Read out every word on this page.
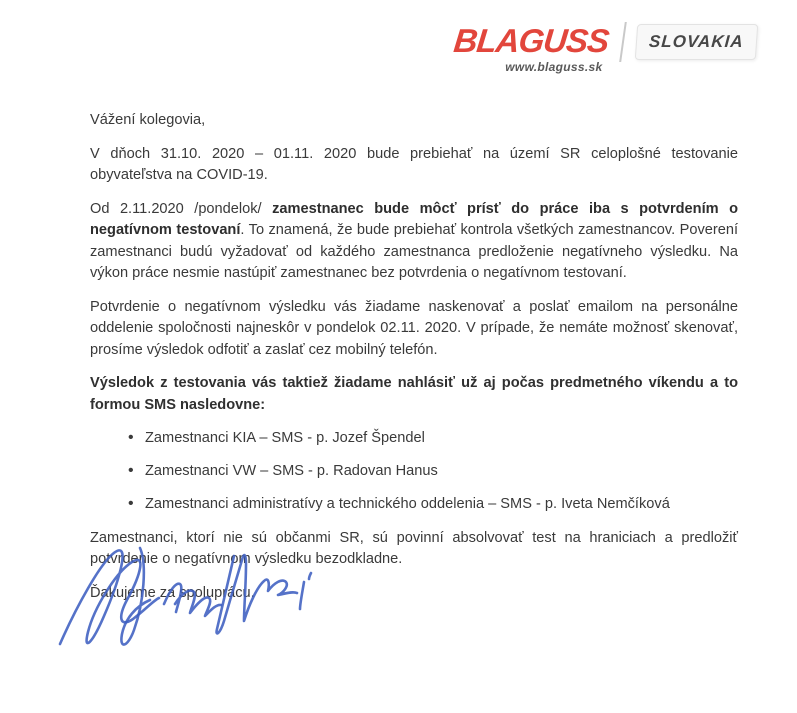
BLAGUSS
www.blaguss.sk
SLOVAKIA

Vážení kolegovia,

V dňoch 31.10. 2020 – 01.11. 2020 bude prebiehať na území SR celoplošné testovanie obyvateľstva na COVID-19.

Od 2.11.2020 /pondelok/ zamestnanec bude môcť prísť do práce iba s potvrdením o negatívnom testovaní. To znamená, že bude prebiehať kontrola všetkých zamestnancov. Poverení zamestnanci budú vyžadovať od každého zamestnanca predloženie negatívneho výsledku. Na výkon práce nesmie nastúpiť zamestnanec bez potvrdenia o negatívnom testovaní.

Potvrdenie o negatívnom výsledku vás žiadame naskenovať a poslať emailom na personálne oddelenie spoločnosti najneskôr v pondelok 02.11. 2020. V prípade, že nemáte možnosť skenovať, prosíme výsledok odfotiť a zaslať cez mobilný telefón.

Výsledok z testovania vás taktiež žiadame nahlásiť už aj počas predmetného víkendu a to formou SMS nasledovne:

• Zamestnanci KIA – SMS - p. Jozef Špendel
• Zamestnanci VW – SMS - p. Radovan Hanus
• Zamestnanci administratívy a technického oddelenia – SMS - p. Iveta Nemčíková

Zamestnanci, ktorí nie sú občanmi SR, sú povinní absolvovať test na hraniciach a predložiť potvrdenie o negatívnom výsledku bezodkladne.

Ďakujeme za spoluprácu.
